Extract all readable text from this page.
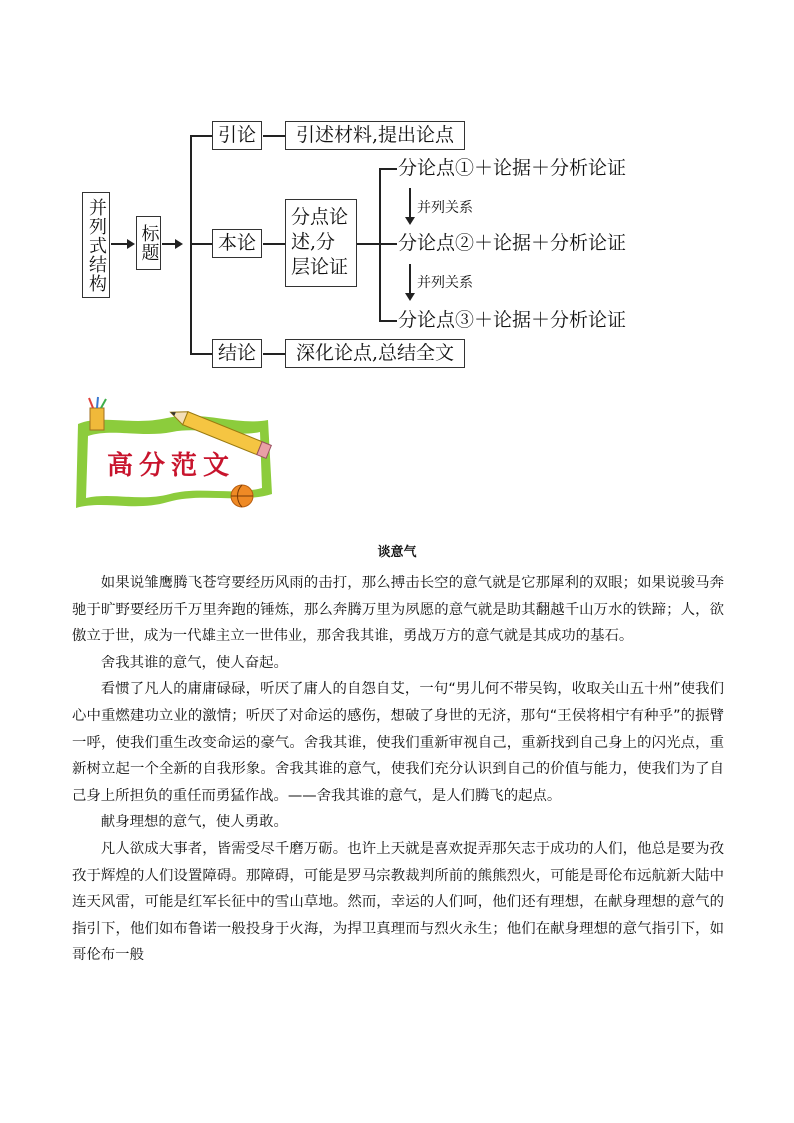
并列式结构 标题
引论 引述材料,提出论点
本论
分点论
述,分
层论证
分论点①＋论据＋分析论证
分论点②＋论据＋分析论证
分论点③＋论据＋分析论证
并列关系
并列关系
结论 深化论点,总结全文
高分范文
谈意气

如果说雏鹰腾飞苍穹要经历风雨的击打，那么搏击长空的意气就是它那犀利的双眼；如果说骏马奔驰于旷野要经历千万里奔跑的锤炼，那么奔腾万里为夙愿的意气就是助其翻越千山万水的铁蹄；人，欲傲立于世，成为一代雄主立一世伟业，那舍我其谁，勇战万方的意气就是其成功的基石。

舍我其谁的意气，使人奋起。

看惯了凡人的庸庸碌碌，听厌了庸人的自怨自艾，一句“男儿何不带吴钩，收取关山五十州”使我们心中重燃建功立业的激情；听厌了对命运的感伤，想破了身世的无济，那句“王侯将相宁有种乎”的振臂一呼，使我们重生改变命运的豪气。舍我其谁，使我们重新审视自己，重新找到自己身上的闪光点，重新树立起一个全新的自我形象。舍我其谁的意气，使我们充分认识到自己的价值与能力，使我们为了自己身上所担负的重任而勇猛作战。——舍我其谁的意气，是人们腾飞的起点。

献身理想的意气，使人勇敢。

凡人欲成大事者，皆需受尽千磨万砺。也许上天就是喜欢捉弄那矢志于成功的人们，他总是要为孜孜于辉煌的人们设置障碍。那障碍，可能是罗马宗教裁判所前的熊熊烈火，可能是哥伦布远航新大陆中连天风雷，可能是红军长征中的雪山草地。然而，幸运的人们呵，他们还有理想，在献身理想的意气的指引下，他们如布鲁诺一般投身于火海，为捍卫真理而与烈火永生；他们在献身理想的意气指引下，如哥伦布一般
